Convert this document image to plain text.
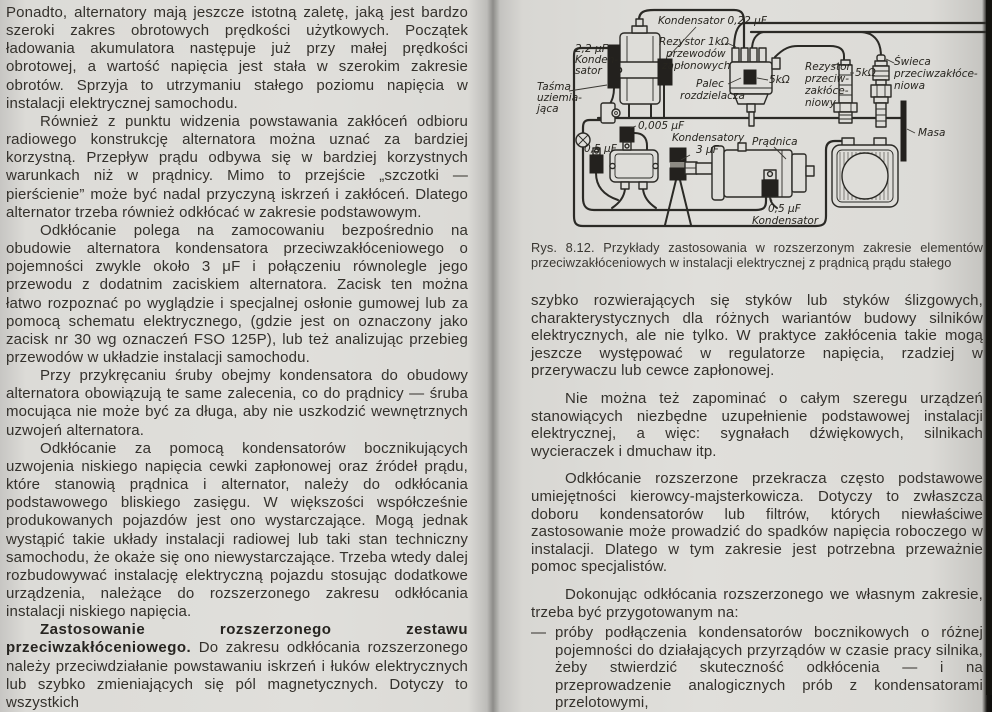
Ponadto, alternatory mają jeszcze istotną zaletę, jaką jest bardzo szeroki zakres obrotowych prędkości użytkowych. Początek ładowania akumulatora następuje już przy małej prędkości obrotowej, a wartość napięcia jest stała w szerokim zakresie obrotów. Sprzyja to utrzymaniu stałego poziomu napięcia w instalacji elektrycznej samochodu.

Również z punktu widzenia powstawania zakłóceń odbioru radiowego konstrukcję alternatora można uznać za bardziej korzystną. Przepływ prądu odbywa się w bardziej korzystnych warunkach niż w prądnicy. Mimo to przejście „szczotki — pierścienie” może być nadal przyczyną iskrzeń i zakłóceń. Dlatego alternator trzeba również odkłócać w zakresie podstawowym.

Odkłócanie polega na zamocowaniu bezpośrednio na obudowie alternatora kondensatora przeciwzakłóceniowego o pojemności zwykle około 3 μF i połączeniu równolegle jego przewodu z dodatnim zaciskiem alternatora. Zacisk ten można łatwo rozpoznać po wyglądzie i specjalnej osłonie gumowej lub za pomocą schematu elektrycznego, (gdzie jest on oznaczony jako zacisk nr 30 wg oznaczeń FSO 125P), lub też analizując przebieg przewodów w układzie instalacji samochodu.

Przy przykręcaniu śruby obejmy kondensatora do obudowy alternatora obowiązują te same zalecenia, co do prądnicy — śruba mocująca nie może być za długa, aby nie uszkodzić wewnętrznych uzwojeń alternatora.

Odkłócanie za pomocą kondensatorów bocznikujących uzwojenia niskiego napięcia cewki zapłonowej oraz źródeł prądu, które stanowią prądnica i alternator, należy do odkłócania podstawowego bliskiego zasięgu. W większości współcześnie produkowanych pojazdów jest ono wystarczające. Mogą jednak wystąpić takie układy instalacji radiowej lub taki stan techniczny samochodu, że okaże się ono niewystarczające. Trzeba wtedy dalej rozbudowywać instalację elektryczną pojazdu stosując dodatkowe urządzenia, należące do rozszerzonego zakresu odkłócania instalacji niskiego napięcia.

Zastosowanie rozszerzonego zestawu przeciwzakłóceniowego. Do zakresu odkłócania rozszerzonego należy przeciwdziałanie powstawaniu iskrzeń i łuków elektrycznych lub szybko zmieniających się pól magnetycznych. Dotyczy to wszystkich

Kondensator 0,22 μF
2,2 μF
Konden-
sator
Taśma
uziemia-
jąca
Rezystor 1kΩ
przewodów
zapłonowych
Palec
rozdzielacza
5kΩ
Rezystor
przeciw-
zakłóce-
niowy
5kΩ
Świeca
przeciwzakłóce-
niowa
Masa
0,005 μF
Kondensatory
3 μF
0,5 μF
Prądnica
0,5 μF
Kondensator
Rys. 8.12. Przykłady zastosowania w rozszerzonym zakresie elementów przeciwzakłóceniowych w instalacji elektrycznej z prądnicą prądu stałego

szybko rozwierających się styków lub styków ślizgowych, charakterystycznych dla różnych wariantów budowy silników elektrycznych, ale nie tylko. W praktyce zakłócenia takie mogą jeszcze występować w regulatorze napięcia, rzadziej w przerywaczu lub cewce zapłonowej.

Nie można też zapominać o całym szeregu urządzeń stanowiących niezbędne uzupełnienie podstawowej instalacji elektrycznej, a więc: sygnałach dźwiękowych, silnikach wycieraczek i dmuchaw itp.

Odkłócanie rozszerzone przekracza często podstawowe umiejętności kierowcy-majsterkowicza. Dotyczy to zwłaszcza doboru kondensatorów lub filtrów, których niewłaściwe zastosowanie może prowadzić do spadków napięcia roboczego w instalacji. Dlatego w tym zakresie jest potrzebna przeważnie pomoc specjalistów.

Dokonując odkłócania rozszerzonego we własnym zakresie, trzeba być przygotowanym na:

— próby podłączenia kondensatorów bocznikowych o różnej pojemności do działających przyrządów w czasie pracy silnika, żeby stwierdzić skuteczność odkłócenia — i na przeprowadzenie analogicznych prób z kondensatorami przelotowymi,
